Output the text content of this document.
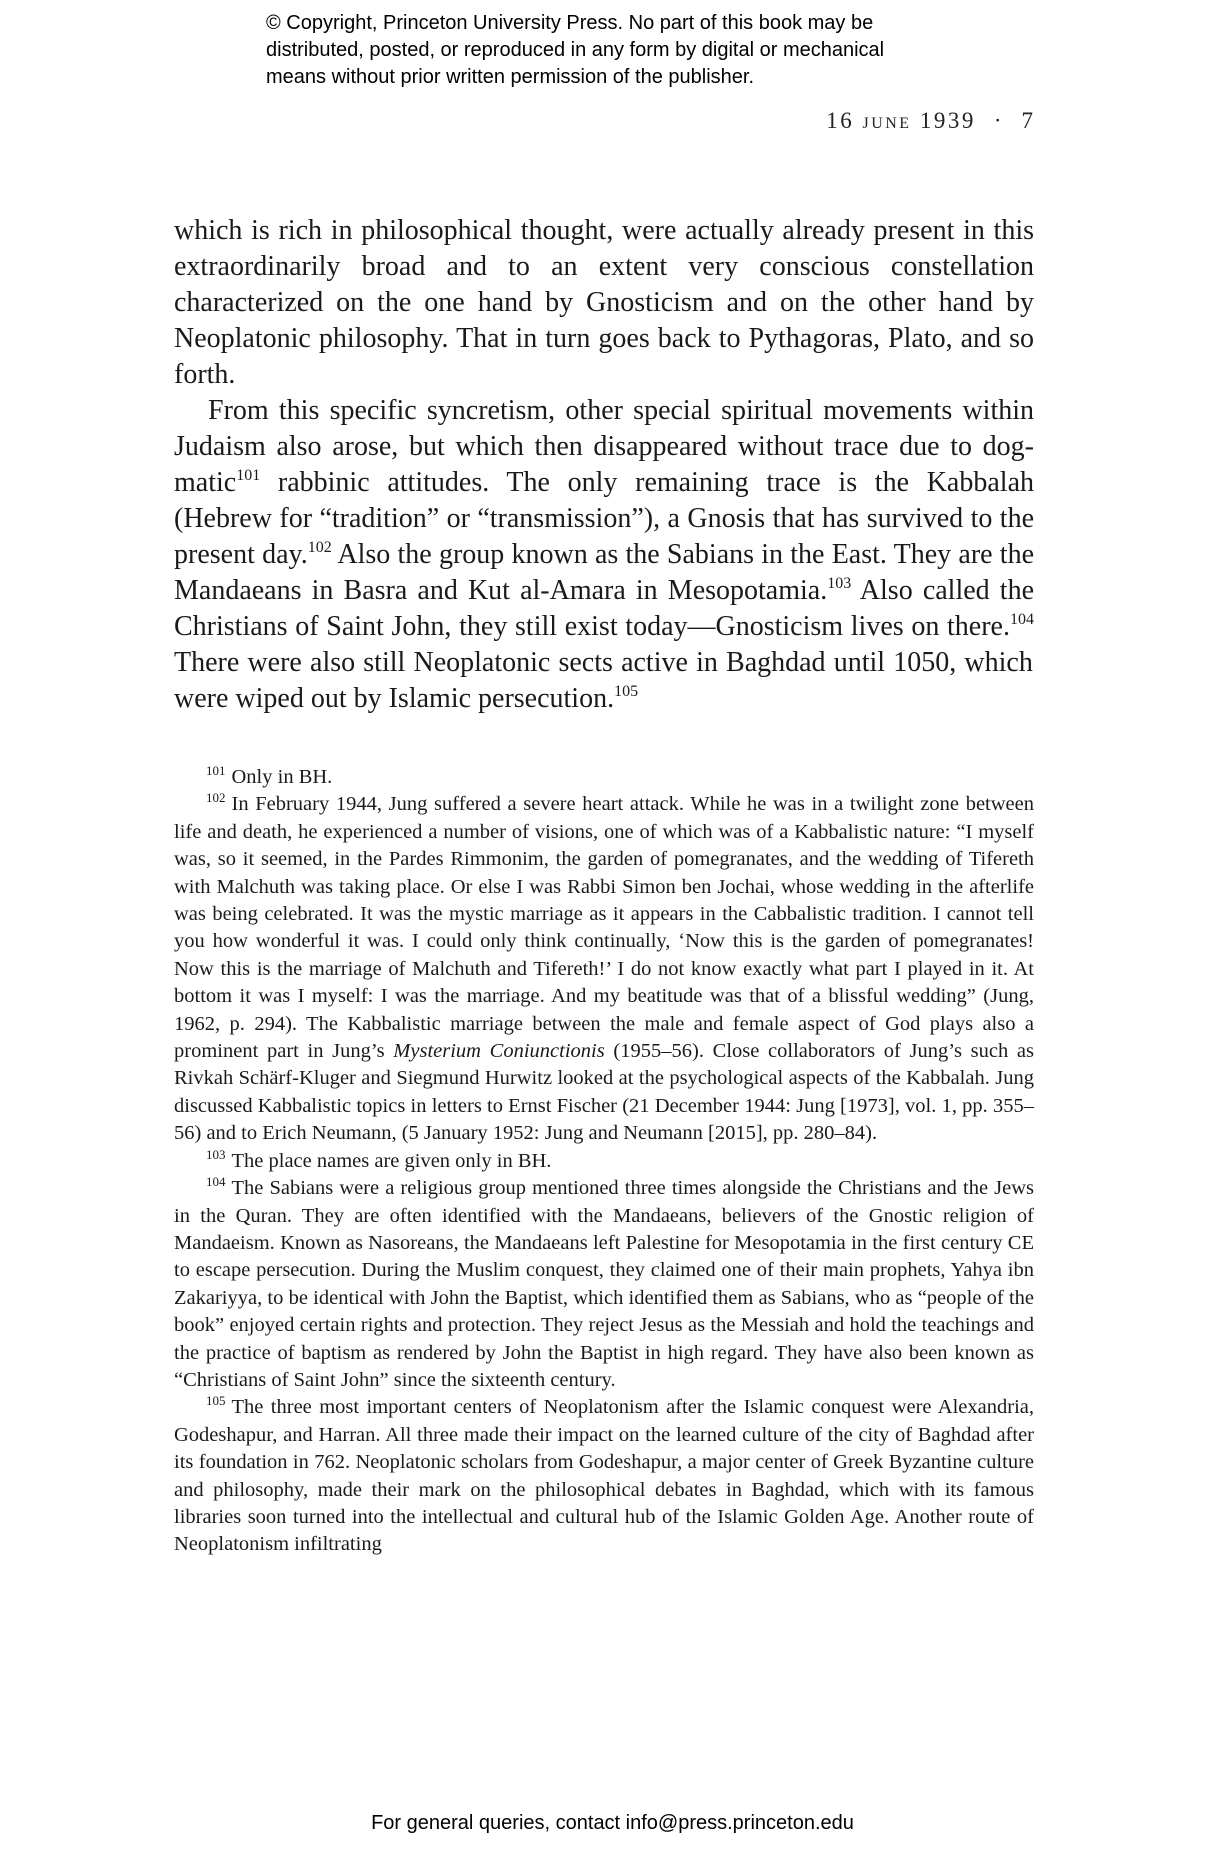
© Copyright, Princeton University Press. No part of this book may be
distributed, posted, or reproduced in any form by digital or mechanical
means without prior written permission of the publisher.
16 june 1939 · 7

which is rich in philosophical thought, were actually already present in this extraordinarily broad and to an extent very conscious constellation characterized on the one hand by Gnosticism and on the other hand by Neoplatonic philosophy. That in turn goes back to Pythagoras, Plato, and so forth.

From this specific syncretism, other special spiritual movements within Judaism also arose, but which then disappeared without trace due to dogmatic$^{101}$ rabbinic attitudes. The only remaining trace is the Kabbalah (Hebrew for “tradition” or “transmission”), a Gnosis that has survived to the present day.$^{102}$ Also the group known as the Sabians in the East. They are the Mandaeans in Basra and Kut al-Amara in Mesopotamia.$^{103}$ Also called the Christians of Saint John, they still exist today—Gnosticism lives on there.$^{104}$ There were also still Neoplatonic sects active in Baghdad until 1050, which were wiped out by Islamic persecution.$^{105}$

$^{101}$ Only in BH.

$^{102}$ In February 1944, Jung suffered a severe heart attack. While he was in a twilight zone between life and death, he experienced a number of visions, one of which was of a Kabbalistic nature: “I myself was, so it seemed, in the Pardes Rimmonim, the garden of pomegranates, and the wedding of Tifereth with Malchuth was taking place. Or else I was Rabbi Simon ben Jochai, whose wedding in the afterlife was being celebrated. It was the mystic marriage as it appears in the Cabbalistic tradition. I cannot tell you how wonderful it was. I could only think continually, ‘Now this is the garden of pomegranates! Now this is the marriage of Malchuth and Tifereth!’ I do not know exactly what part I played in it. At bottom it was I myself: I was the marriage. And my beatitude was that of a blissful wedding” (Jung, 1962, p. 294). The Kabbalistic marriage between the male and female aspect of God plays also a prominent part in Jung’s Mysterium Coniunctionis (1955–56). Close collaborators of Jung’s such as Rivkah Schärf-Kluger and Siegmund Hurwitz looked at the psychological aspects of the Kabbalah. Jung discussed Kabbalistic topics in letters to Ernst Fischer (21 December 1944: Jung [1973], vol. 1, pp. 355–56) and to Erich Neumann, (5 January 1952: Jung and Neumann [2015], pp. 280–84).

$^{103}$ The place names are given only in BH.

$^{104}$ The Sabians were a religious group mentioned three times alongside the Christians and the Jews in the Quran. They are often identified with the Mandaeans, believers of the Gnostic religion of Mandaeism. Known as Nasoreans, the Mandaeans left Palestine for Mesopotamia in the first century CE to escape persecution. During the Muslim conquest, they claimed one of their main prophets, Yahya ibn Zakariyya, to be identical with John the Baptist, which identified them as Sabians, who as “people of the book” enjoyed certain rights and protection. They reject Jesus as the Messiah and hold the teachings and the practice of baptism as rendered by John the Baptist in high regard. They have also been known as “Christians of Saint John” since the sixteenth century.

$^{105}$ The three most important centers of Neoplatonism after the Islamic conquest were Alexandria, Godeshapur, and Harran. All three made their impact on the learned culture of the city of Baghdad after its foundation in 762. Neoplatonic scholars from Godeshapur, a major center of Greek Byzantine culture and philosophy, made their mark on the philosophical debates in Baghdad, which with its famous libraries soon turned into the intellectual and cultural hub of the Islamic Golden Age. Another route of Neoplatonism infiltrating

For general queries, contact info@press.princeton.edu
